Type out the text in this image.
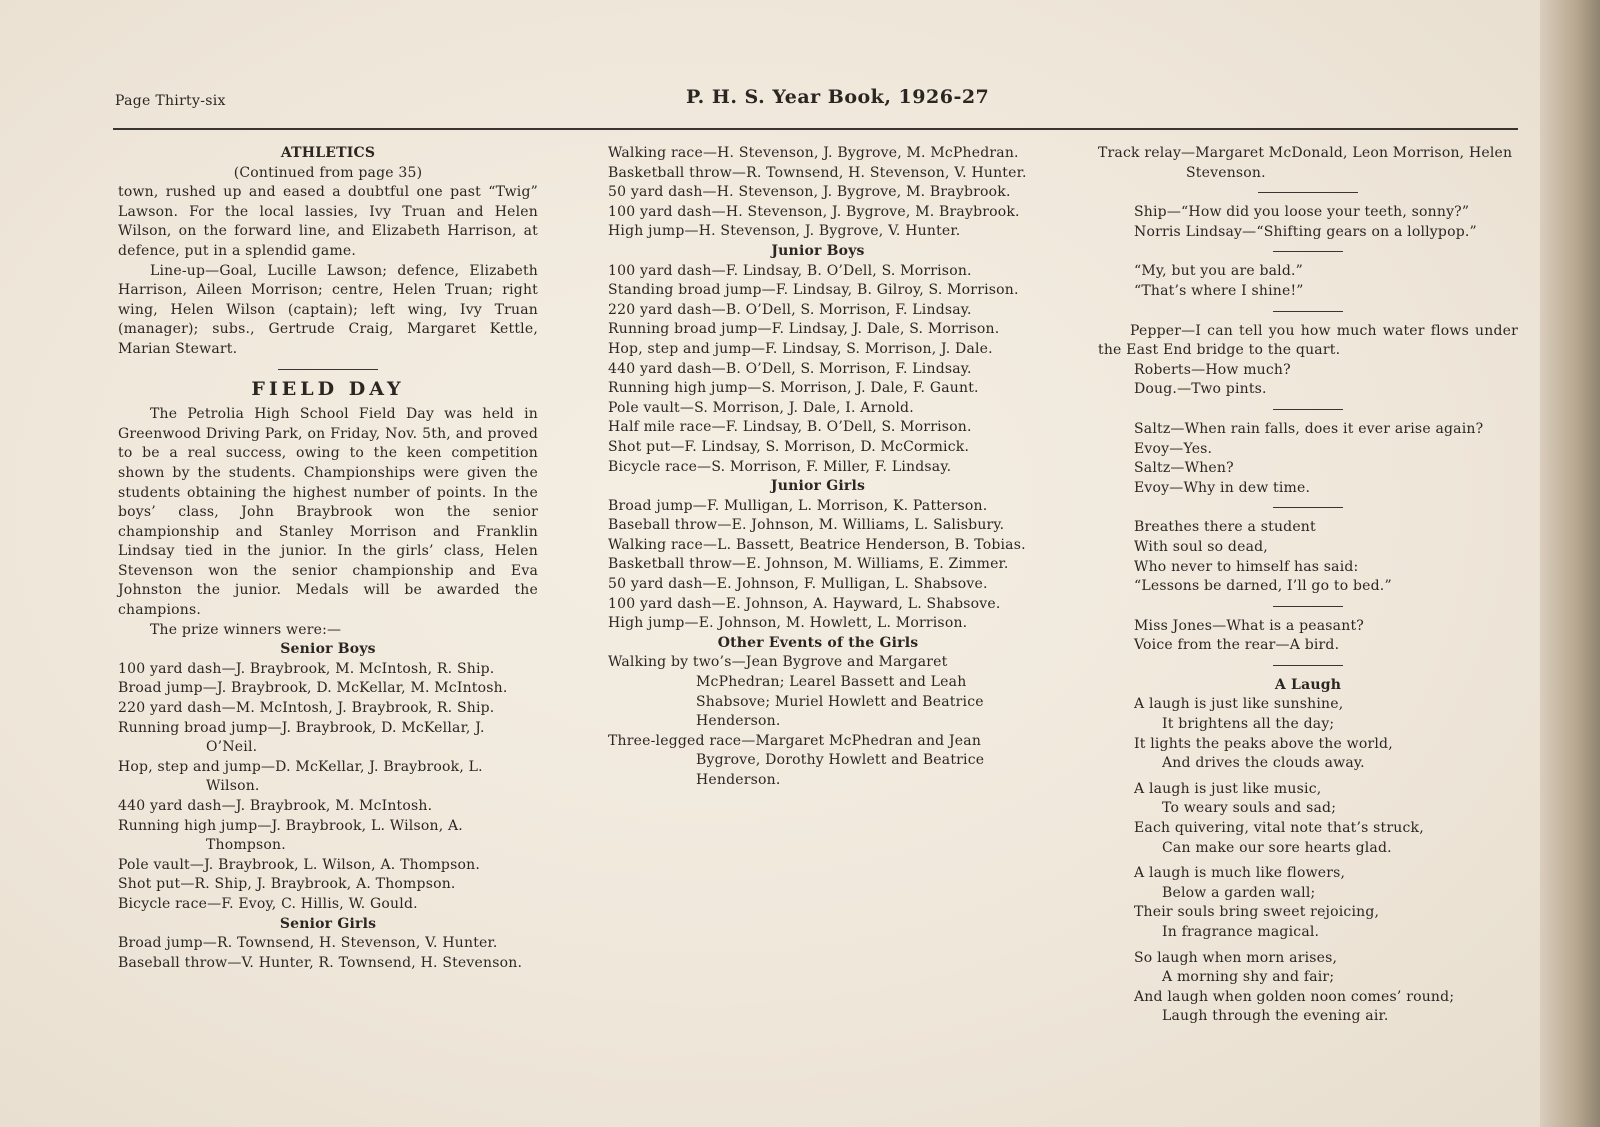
Page Thirty-six	P. H. S. Year Book, 1926-27
ATHLETICS
(Continued from page 35)

town, rushed up and eased a doubtful one past “Twig” Lawson. For the local lassies, Ivy Truan and Helen Wilson, on the forward line, and Elizabeth Harrison, at defence, put in a splendid game.

Line-up—Goal, Lucille Lawson; defence, Elizabeth Harrison, Aileen Morrison; centre, Helen Truan; right wing, Helen Wilson (captain); left wing, Ivy Truan (manager); subs., Gertrude Craig, Margaret Kettle, Marian Stewart.

FIELD DAY

The Petrolia High School Field Day was held in Greenwood Driving Park, on Friday, Nov. 5th, and proved to be a real success, owing to the keen competition shown by the students. Championships were given the students obtaining the highest number of points. In the boys’ class, John Braybrook won the senior championship and Stanley Morrison and Franklin Lindsay tied in the junior. In the girls’ class, Helen Stevenson won the senior championship and Eva Johnston the junior. Medals will be awarded the champions.

The prize winners were:—

Senior Boys
100 yard dash—J. Braybrook, M. McIntosh, R. Ship.
Broad jump—J. Braybrook, D. McKellar, M. McIntosh.
220 yard dash—M. McIntosh, J. Braybrook, R. Ship.
Running broad jump—J. Braybrook, D. McKellar, J. O’Neil.
Hop, step and jump—D. McKellar, J. Braybrook, L. Wilson.
440 yard dash—J. Braybrook, M. McIntosh.
Running high jump—J. Braybrook, L. Wilson, A. Thompson.
Pole vault—J. Braybrook, L. Wilson, A. Thompson.
Shot put—R. Ship, J. Braybrook, A. Thompson.
Bicycle race—F. Evoy, C. Hillis, W. Gould.
Senior Girls
Broad jump—R. Townsend, H. Stevenson, V. Hunter.
Baseball throw—V. Hunter, R. Townsend, H. Stevenson.
Walking race—H. Stevenson, J. Bygrove, M. McPhedran.
Basketball throw—R. Townsend, H. Stevenson, V. Hunter.
50 yard dash—H. Stevenson, J. Bygrove, M. Braybrook.
100 yard dash—H. Stevenson, J. Bygrove, M. Braybrook.
High jump—H. Stevenson, J. Bygrove, V. Hunter.
Junior Boys
100 yard dash—F. Lindsay, B. O’Dell, S. Morrison.
Standing broad jump—F. Lindsay, B. Gilroy, S. Morrison.
220 yard dash—B. O’Dell, S. Morrison, F. Lindsay.
Running broad jump—F. Lindsay, J. Dale, S. Morrison.
Hop, step and jump—F. Lindsay, S. Morrison, J. Dale.
440 yard dash—B. O’Dell, S. Morrison, F. Lindsay.
Running high jump—S. Morrison, J. Dale, F. Gaunt.
Pole vault—S. Morrison, J. Dale, I. Arnold.
Half mile race—F. Lindsay, B. O’Dell, S. Morrison.
Shot put—F. Lindsay, S. Morrison, D. McCormick.
Bicycle race—S. Morrison, F. Miller, F. Lindsay.
Junior Girls
Broad jump—F. Mulligan, L. Morrison, K. Patterson.
Baseball throw—E. Johnson, M. Williams, L. Salisbury.
Walking race—L. Bassett, Beatrice Henderson, B. Tobias.
Basketball throw—E. Johnson, M. Williams, E. Zimmer.
50 yard dash—E. Johnson, F. Mulligan, L. Shabsove.
100 yard dash—E. Johnson, A. Hayward, L. Shabsove.
High jump—E. Johnson, M. Howlett, L. Morrison.
Other Events of the Girls
Walking by two’s—Jean Bygrove and Margaret McPhedran; Learel Bassett and Leah Shabsove; Muriel Howlett and Beatrice Henderson.
Three-legged race—Margaret McPhedran and Jean Bygrove, Dorothy Howlett and Beatrice Henderson.
Track relay—Margaret McDonald, Leon Morrison, Helen Stevenson.
Ship—“How did you loose your teeth, sonny?”
Norris Lindsay—“Shifting gears on a lollypop.”
“My, but you are bald.”
“That’s where I shine!”

Pepper—I can tell you how much water flows under the East End bridge to the quart.

Roberts—How much?
Doug.—Two pints.
Saltz—When rain falls, does it ever arise again?
Evoy—Yes.
Saltz—When?
Evoy—Why in dew time.
Breathes there a student
With soul so dead,
Who never to himself has said:
“Lessons be darned, I’ll go to bed.”
Miss Jones—What is a peasant?
Voice from the rear—A bird.
A Laugh
A laugh is just like sunshine,
It brightens all the day;
It lights the peaks above the world,
And drives the clouds away.
A laugh is just like music,
To weary souls and sad;
Each quivering, vital note that’s struck,
Can make our sore hearts glad.
A laugh is much like flowers,
Below a garden wall;
Their souls bring sweet rejoicing,
In fragrance magical.
So laugh when morn arises,
A morning shy and fair;
And laugh when golden noon comes’ round;
Laugh through the evening air.
